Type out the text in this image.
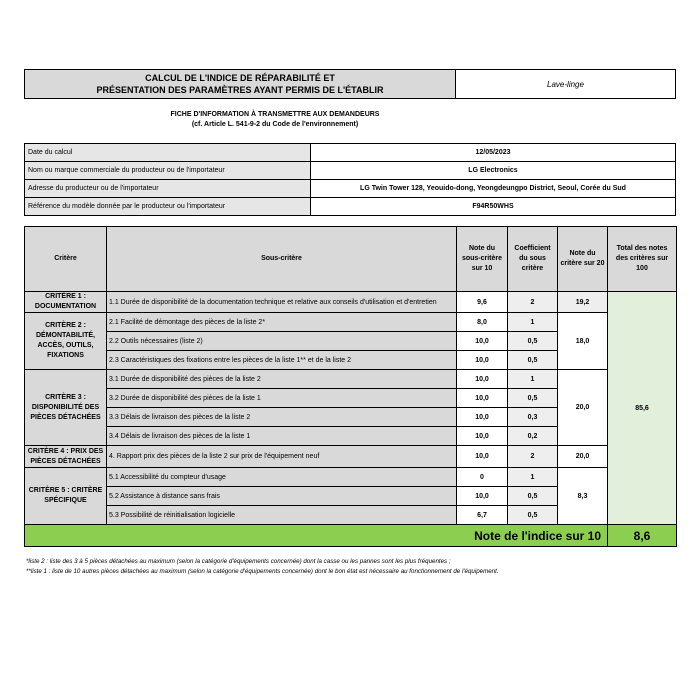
CALCUL DE L'INDICE DE RÉPARABILITÉ ET
PRÉSENTATION DES PARAMÈTRES AYANT PERMIS DE L'ÉTABLIR
Lave-linge
FICHE D'INFORMATION À TRANSMETTRE AUX DEMANDEURS
(cf. Article L. 541-9-2 du Code de l'environnement)
Date du calcul	12/05/2023
Nom ou marque commerciale du producteur ou de l'importateur	LG Electronics
Adresse du producteur ou de l'importateur	LG Twin Tower 128, Yeouido-dong, Yeongdeungpo District, Seoul, Corée du Sud
Référence du modèle donnée par le producteur ou l'importateur	F94R50WHS
Critère	Sous-critère	Note du sous-critère sur 10	Coefficient du sous critère	Note du critère sur 20	Total des notes des critères sur 100
CRITÈRE 1 : DOCUMENTATION	1.1 Durée de disponibilité de la documentation technique et relative aux conseils d'utilisation et d'entretien	9,6	2	19,2	85,6
CRITÈRE 2 : DÉMONTABILITÉ, ACCÈS, OUTILS, FIXATIONS	2.1 Facilité de démontage des pièces de la liste 2*	8,0	1	18,0	
	2.2 Outils nécessaires (liste 2)	10,0	0,5		
	2.3 Caractéristiques des fixations entre les pièces de la liste 1** et de la liste 2	10,0	0,5		
CRITÈRE 3 : DISPONIBILITÉ DES PIÈCES DÉTACHÉES	3.1 Durée de disponibilité des pièces de la liste 2	10,0	1	20,0	
	3.2 Durée de disponibilité des pièces de la liste 1	10,0	0,5		
	3.3 Délais de livraison des pièces de la liste 2	10,0	0,3		
	3.4 Délais de livraison des pièces de la liste 1	10,0	0,2		
CRITÈRE 4 : PRIX DES PIÈCES DÉTACHÉES	4. Rapport prix des pièces de la liste 2 sur prix de l'équipement neuf	10,0	2	20,0	
CRITÈRE 5 : CRITÈRE SPÉCIFIQUE	5.1 Accessibilité du compteur d'usage	0	1	8,3	
	5.2 Assistance à distance sans frais	10,0	0,5		
	5.3 Possibilité de réinitialisation logicielle	6,7	0,5		
Note de l'indice sur 10					8,6
*liste 2 : liste des 3 à 5 pièces détachées au maximum (selon la catégorie d'équipements concernée) dont la casse ou les pannes sont les plus fréquentes ;
**liste 1 : liste de 10 autres pièces détachées au maximum (selon la catégorie d'équipements concernée) dont le bon état est nécessaire au fonctionnement de l'équipement.
